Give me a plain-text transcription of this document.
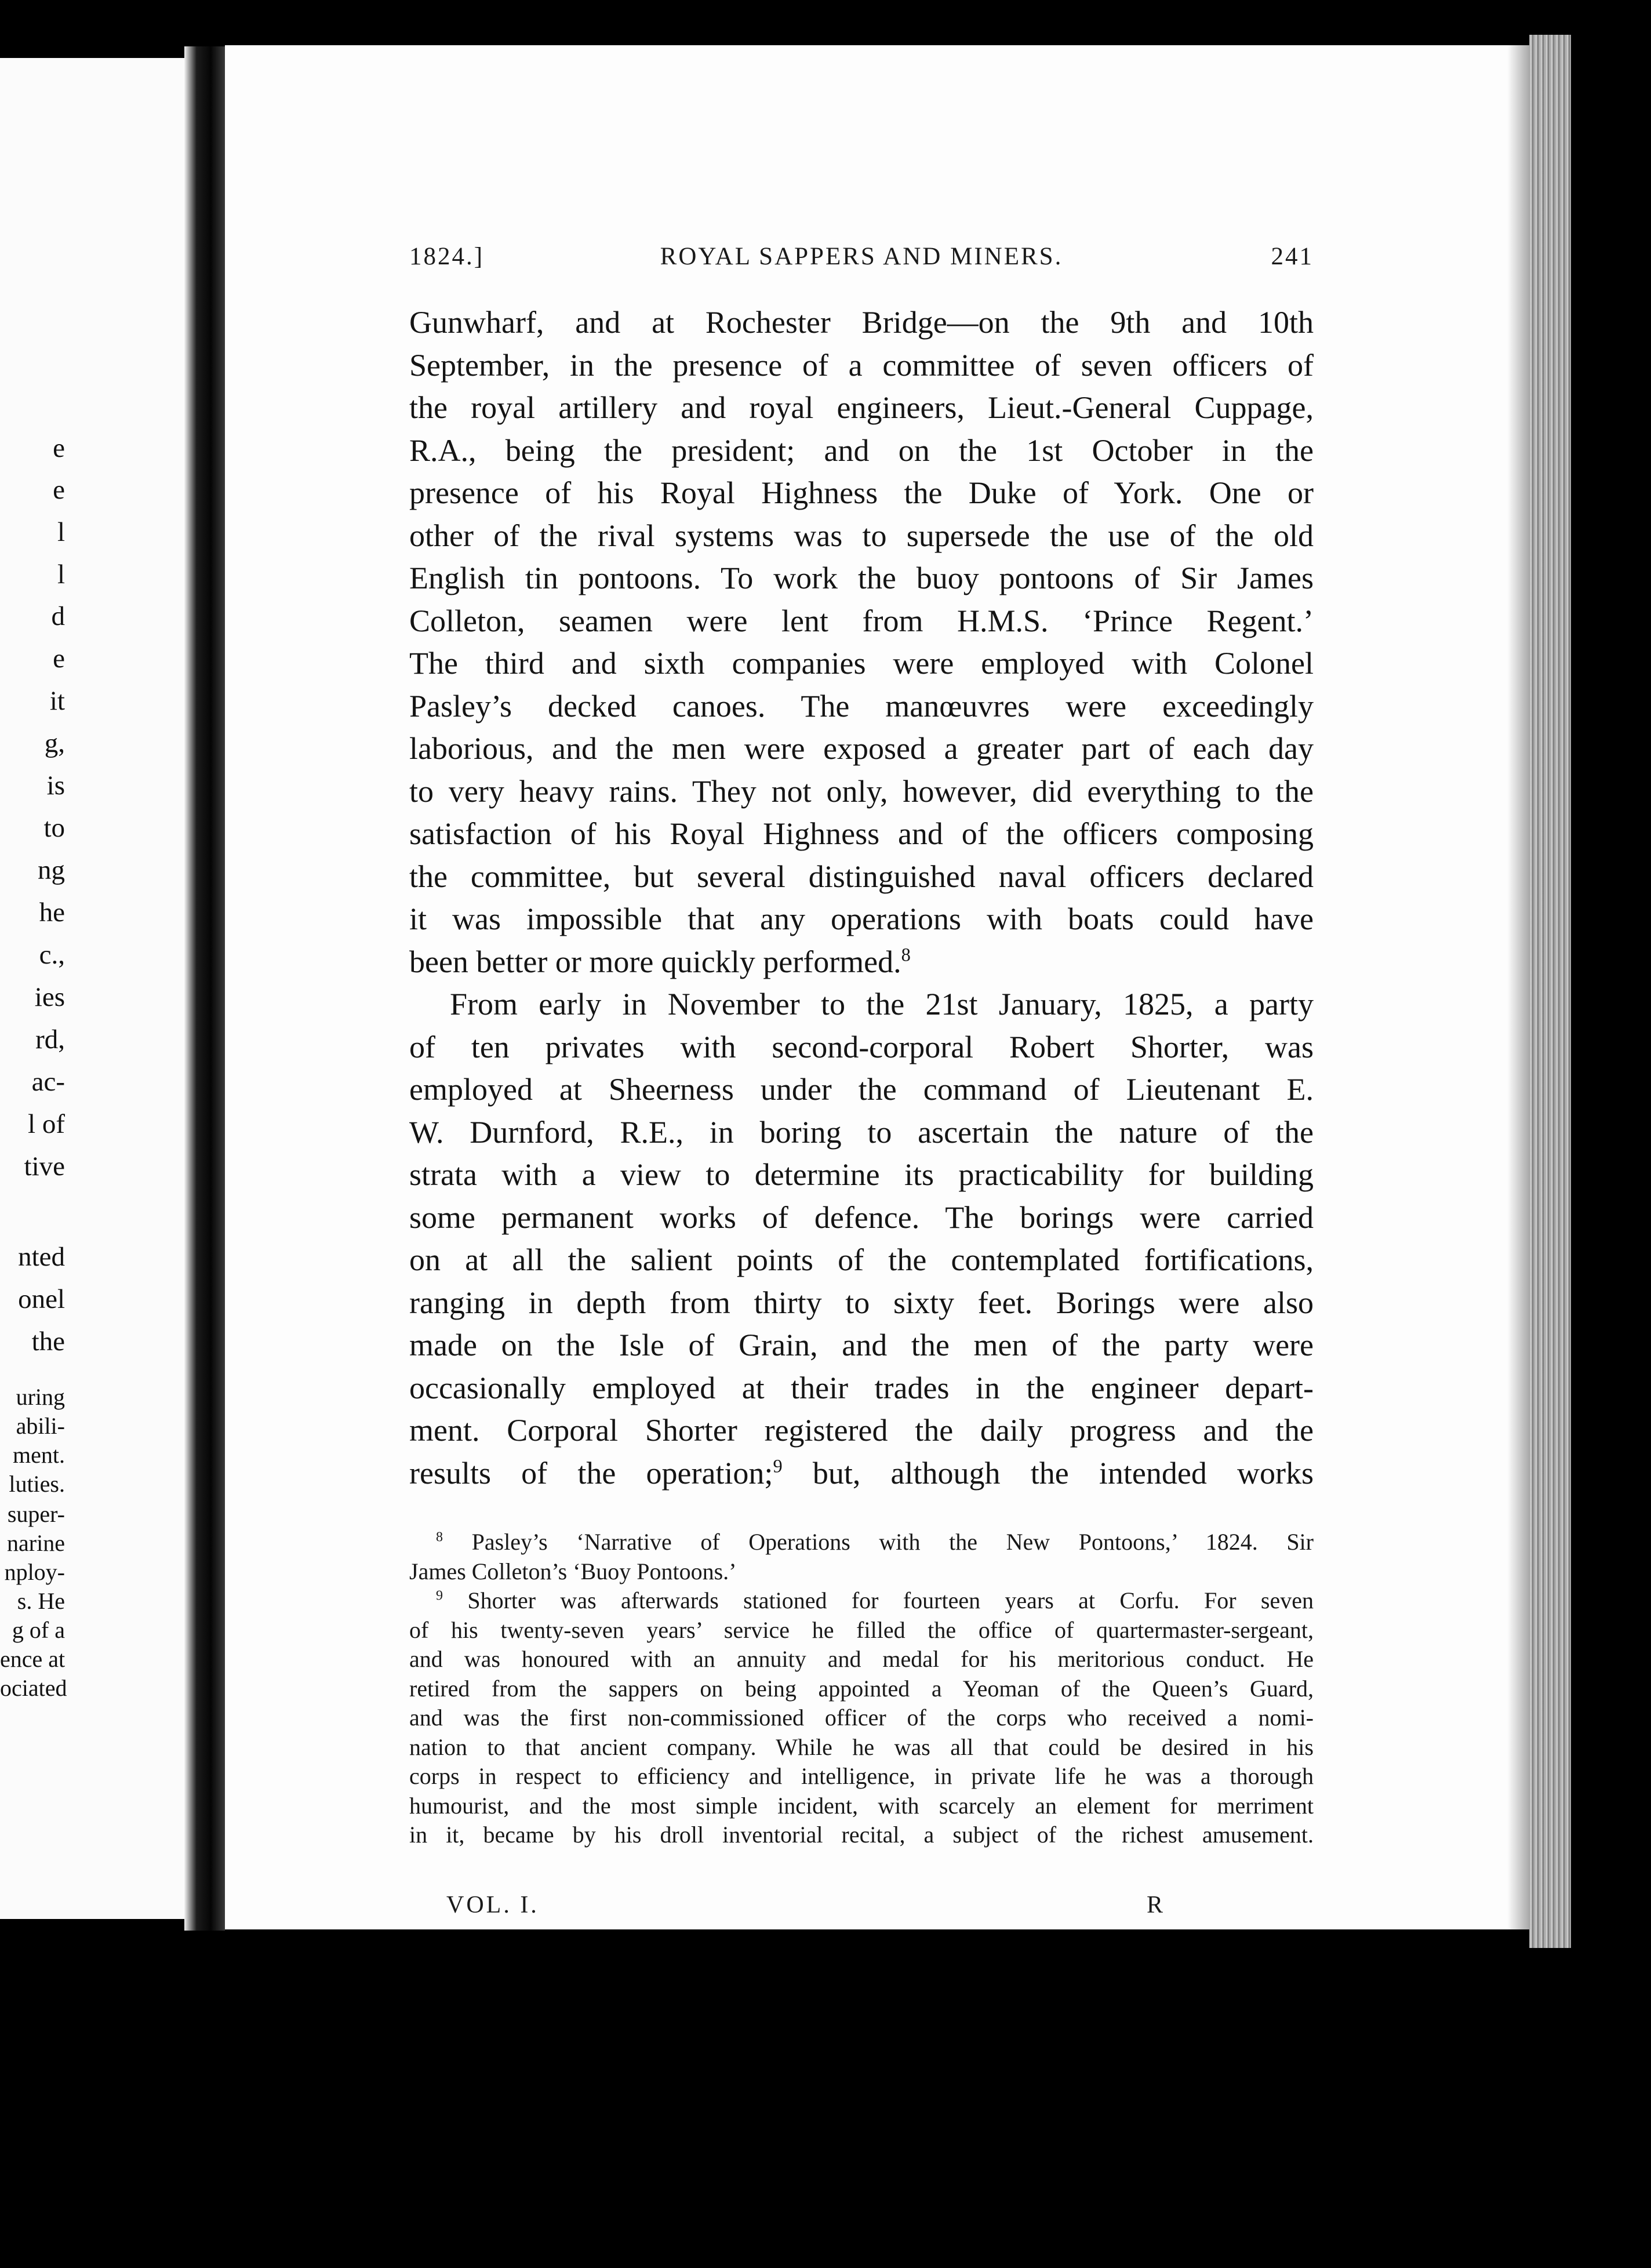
e
e
l
l
d
e
it
g,
is
to
ng
he
c.,
ies
rd,
ac-
l of
tive
nted
onel
the
uring
abili-
ment.
luties.
super-
narine
nploy-
s. He
g of a
ence at
ociated
1824.]	ROYAL SAPPERS AND MINERS.	241
Gunwharf, and at Rochester Bridge—on the 9th and 10th
September, in the presence of a committee of seven officers of
the royal artillery and royal engineers, Lieut.-General Cuppage,
R.A., being the president; and on the 1st October in the
presence of his Royal Highness the Duke of York. One or
other of the rival systems was to supersede the use of the old
English tin pontoons. To work the buoy pontoons of Sir James
Colleton, seamen were lent from H.M.S. ‘Prince Regent.’
The third and sixth companies were employed with Colonel
Pasley’s decked canoes. The manœuvres were exceedingly
laborious, and the men were exposed a greater part of each day
to very heavy rains. They not only, however, did everything to the
satisfaction of his Royal Highness and of the officers composing
the committee, but several distinguished naval officers declared
it was impossible that any operations with boats could have
been better or more quickly performed.$^8$
From early in November to the 21st January, 1825, a party
of ten privates with second-corporal Robert Shorter, was
employed at Sheerness under the command of Lieutenant E.
W. Durnford, R.E., in boring to ascertain the nature of the
strata with a view to determine its practicability for building
some permanent works of defence. The borings were carried
on at all the salient points of the contemplated fortifications,
ranging in depth from thirty to sixty feet. Borings were also
made on the Isle of Grain, and the men of the party were
occasionally employed at their trades in the engineer depart-
ment. Corporal Shorter registered the daily progress and the
results of the operation;$^9$ but, although the intended works
$^8$ Pasley’s ‘Narrative of Operations with the New Pontoons,’ 1824. Sir
James Colleton’s ‘Buoy Pontoons.’
$^9$ Shorter was afterwards stationed for fourteen years at Corfu. For seven
of his twenty-seven years’ service he filled the office of quartermaster-sergeant,
and was honoured with an annuity and medal for his meritorious conduct. He
retired from the sappers on being appointed a Yeoman of the Queen’s Guard,
and was the first non-commissioned officer of the corps who received a nomi-
nation to that ancient company. While he was all that could be desired in his
corps in respect to efficiency and intelligence, in private life he was a thorough
humourist, and the most simple incident, with scarcely an element for merriment
in it, became by his droll inventorial recital, a subject of the richest amusement.
VOL. I.	R
